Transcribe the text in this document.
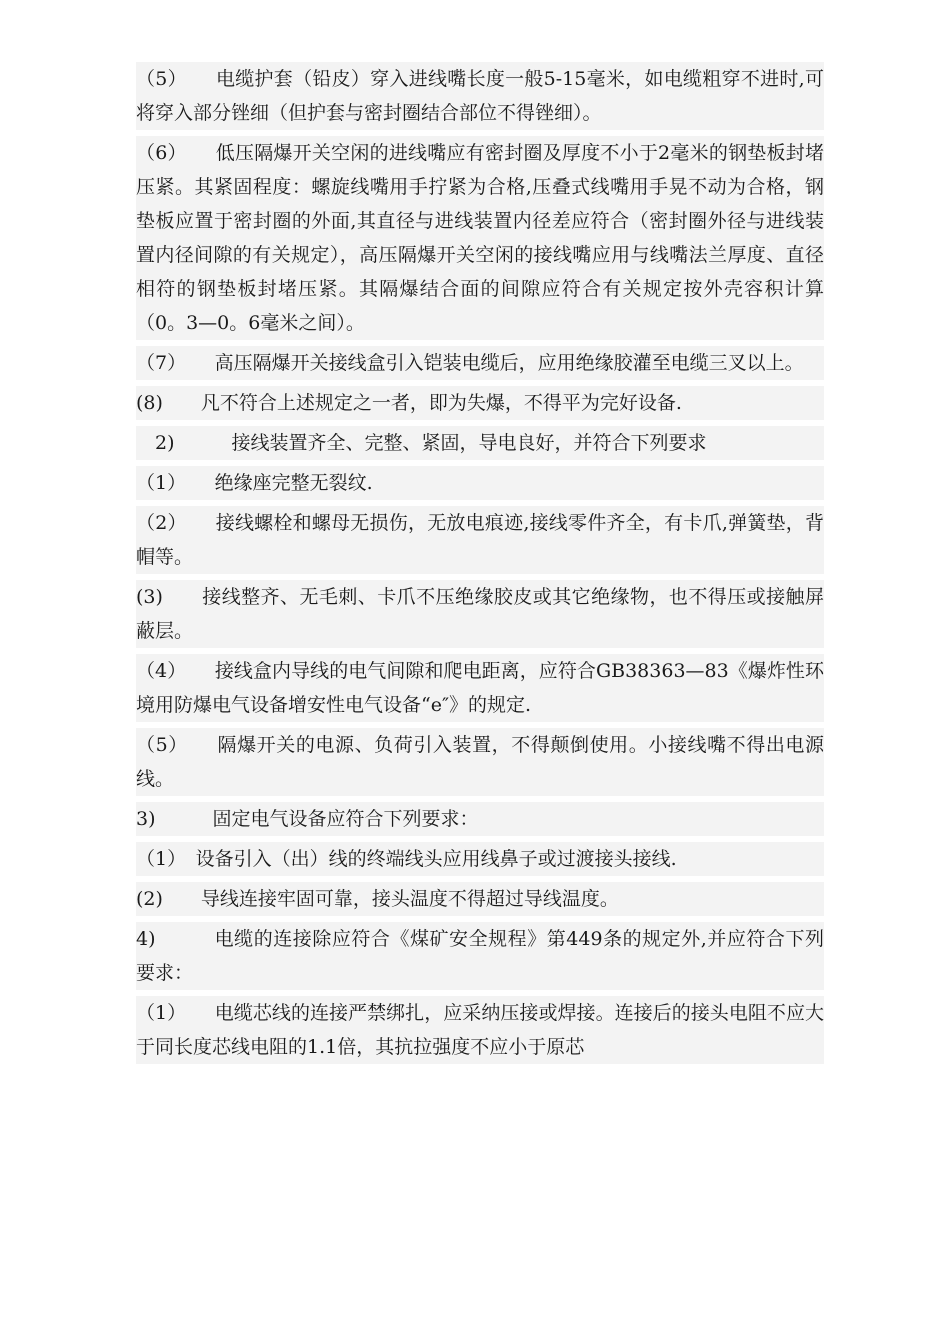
（5）　　电缆护套（铅皮）穿入进线嘴长度一般5-15毫米，如电缆粗穿不进时,可将穿入部分锉细（但护套与密封圈结合部位不得锉细）。

（6）　　低压隔爆开关空闲的进线嘴应有密封圈及厚度不小于2毫米的钢垫板封堵压紧。其紧固程度：螺旋线嘴用手拧紧为合格,压叠式线嘴用手晃不动为合格，钢垫板应置于密封圈的外面,其直径与进线装置内径差应符合（密封圈外径与进线装置内径间隙的有关规定），高压隔爆开关空闲的接线嘴应用与线嘴法兰厚度、直径相符的钢垫板封堵压紧。其隔爆结合面的间隙应符合有关规定按外壳容积计算（0。3—0。6毫米之间）。

（7）　　高压隔爆开关接线盒引入铠装电缆后，应用绝缘胶灌至电缆三叉以上。

(8)　　凡不符合上述规定之一者，即为失爆，不得平为完好设备.

　2)　　　接线装置齐全、完整、紧固，导电良好，并符合下列要求

（1）　　绝缘座完整无裂纹.

（2）　　接线螺栓和螺母无损伤，无放电痕迹,接线零件齐全，有卡爪,弹簧垫，背帽等。

(3)　　接线整齐、无毛刺、卡爪不压绝缘胶皮或其它绝缘物，也不得压或接触屏蔽层。

（4）　　接线盒内导线的电气间隙和爬电距离，应符合GB38363—83《爆炸性环境用防爆电气设备增安性电气设备“e″》的规定.

（5）　　隔爆开关的电源、负荷引入装置，不得颠倒使用。小接线嘴不得出电源线。

3)　　　固定电气设备应符合下列要求：

（1）　设备引入（出）线的终端线头应用线鼻子或过渡接头接线.

(2)　　导线连接牢固可靠，接头温度不得超过导线温度。

4)　　　电缆的连接除应符合《煤矿安全规程》第449条的规定外,并应符合下列要求：

（1）　　电缆芯线的连接严禁绑扎，应采纳压接或焊接。连接后的接头电阻不应大于同长度芯线电阻的1.1倍，其抗拉强度不应小于原芯
